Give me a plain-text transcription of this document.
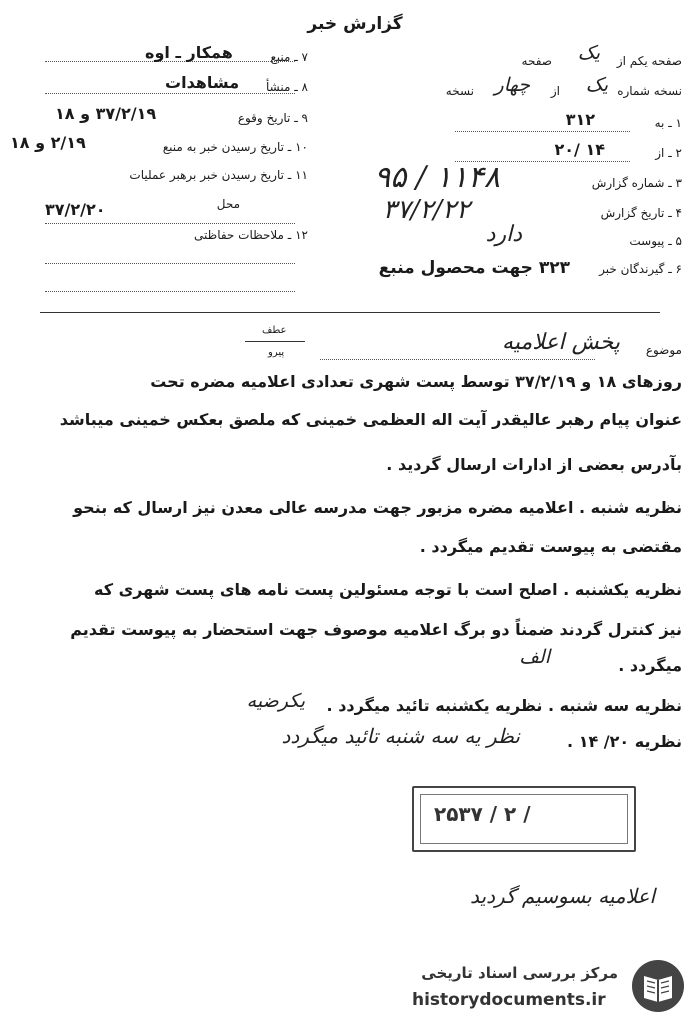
گزارش خبر
۷ ـ منبع
همکار ـ اوه
۸ ـ منشأ
مشاهدات
۹ ـ تاریخ وقوع
۳۷/۲/۱۹ و ۱۸
۱۰ ـ تاریخ رسیدن خبر به منبع
۲/۱۹ و ۱۸
۱۱ ـ تاریخ رسیدن خبر برهبر عملیات
محل
۳۷/۲/۲۰
۱۲ ـ ملاحظات حفاظتی
صفحه یکم از
یک
صفحه
نسخه شماره
یک
از
چهار
نسخه
۱ ـ به
۳۱۲
۲ ـ از
۲۰/ ۱۴
۳ ـ شماره گزارش
۹۵ / ۱۱۴۸
۴ ـ تاریخ گزارش
۳۷/۲/۲۲
۵ ـ پیوست
دارد
۶ ـ گیرندگان خبر
۳۲۳ جهت محصول منبع
موضوع
پخش اعلامیه
عطف
پیرو
روزهای ۱۸ و ۳۷/۲/۱۹ توسط پست شهری تعدادی اعلامیه مضره تحت
عنوان پیام رهبر عالیقدر آیت اله العظمی خمینی که ملصق بعکس خمینی میباشد
بآدرس بعضی از ادارات ارسال گردید .
نظریه شنبه . اعلامیه مضره مزبور جهت مدرسه عالی معدن نیز ارسال که بنحو
مقتضی به پیوست تقدیم میگردد .
نظریه یکشنبه . اصلح است با توجه مسئولین پست نامه های پست شهری که
نیز کنترل گردند ضمناً دو برگ اعلامیه موصوف جهت استحضار به پیوست تقدیم
میگردد .
الف
نظریه سه شنبه . نظریه یکشنبه تائید میگردد .
یکرضیه
نظریه ۲۰/ ۱۴ .
نظر یه سه شنبه تائید میگردد
۲۵۳۷ / ۲ /
اعلامیه بسوسیم گردید
مرکز بررسی اسناد تاریخی
historydocuments.ir
